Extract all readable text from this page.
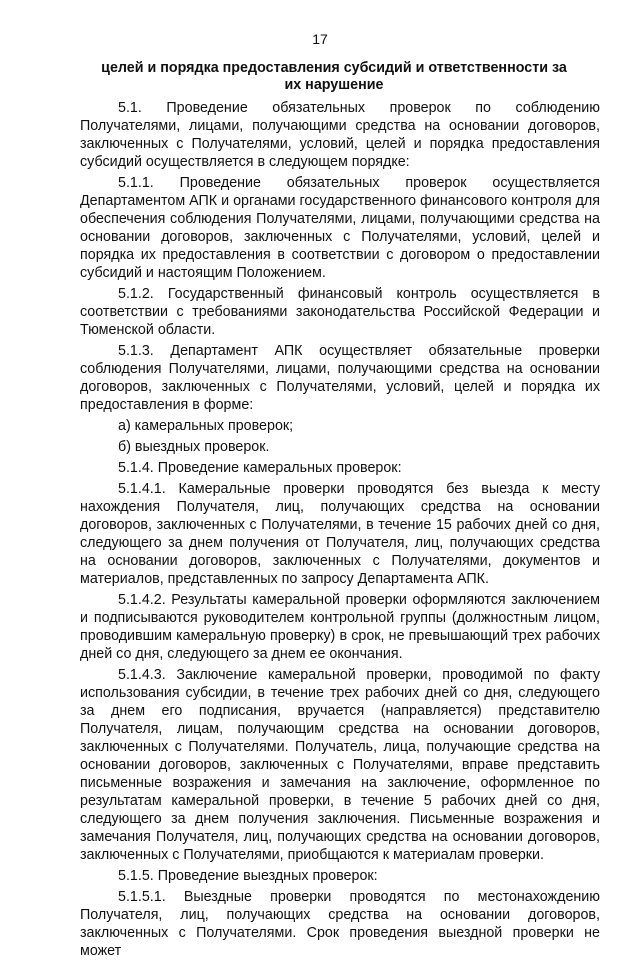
17
целей и порядка предоставления субсидий и ответственности за их нарушение

5.1. Проведение обязательных проверок по соблюдению Получателями, лицами, получающими средства на основании договоров, заключенных с Получателями, условий, целей и порядка предоставления субсидий осуществляется в следующем порядке:

5.1.1. Проведение обязательных проверок осуществляется Департаментом АПК и органами государственного финансового контроля для обеспечения соблюдения Получателями, лицами, получающими средства на основании договоров, заключенных с Получателями, условий, целей и порядка их предоставления в соответствии с договором о предоставлении субсидий и настоящим Положением.

5.1.2. Государственный финансовый контроль осуществляется в соответствии с требованиями законодательства Российской Федерации и Тюменской области.

5.1.3. Департамент АПК осуществляет обязательные проверки соблюдения Получателями, лицами, получающими средства на основании договоров, заключенных с Получателями, условий, целей и порядка их предоставления в форме:

а) камеральных проверок;

б) выездных проверок.

5.1.4. Проведение камеральных проверок:

5.1.4.1. Камеральные проверки проводятся без выезда к месту нахождения Получателя, лиц, получающих средства на основании договоров, заключенных с Получателями, в течение 15 рабочих дней со дня, следующего за днем получения от Получателя, лиц, получающих средства на основании договоров, заключенных с Получателями, документов и материалов, представленных по запросу Департамента АПК.

5.1.4.2. Результаты камеральной проверки оформляются заключением и подписываются руководителем контрольной группы (должностным лицом, проводившим камеральную проверку) в срок, не превышающий трех рабочих дней со дня, следующего за днем ее окончания.

5.1.4.3. Заключение камеральной проверки, проводимой по факту использования субсидии, в течение трех рабочих дней со дня, следующего за днем его подписания, вручается (направляется) представителю Получателя, лицам, получающим средства на основании договоров, заключенных с Получателями. Получатель, лица, получающие средства на основании договоров, заключенных с Получателями, вправе представить письменные возражения и замечания на заключение, оформленное по результатам камеральной проверки, в течение 5 рабочих дней со дня, следующего за днем получения заключения. Письменные возражения и замечания Получателя, лиц, получающих средства на основании договоров, заключенных с Получателями, приобщаются к материалам проверки.

5.1.5. Проведение выездных проверок:

5.1.5.1. Выездные проверки проводятся по местонахождению Получателя, лиц, получающих средства на основании договоров, заключенных с Получателями. Срок проведения выездной проверки не может
